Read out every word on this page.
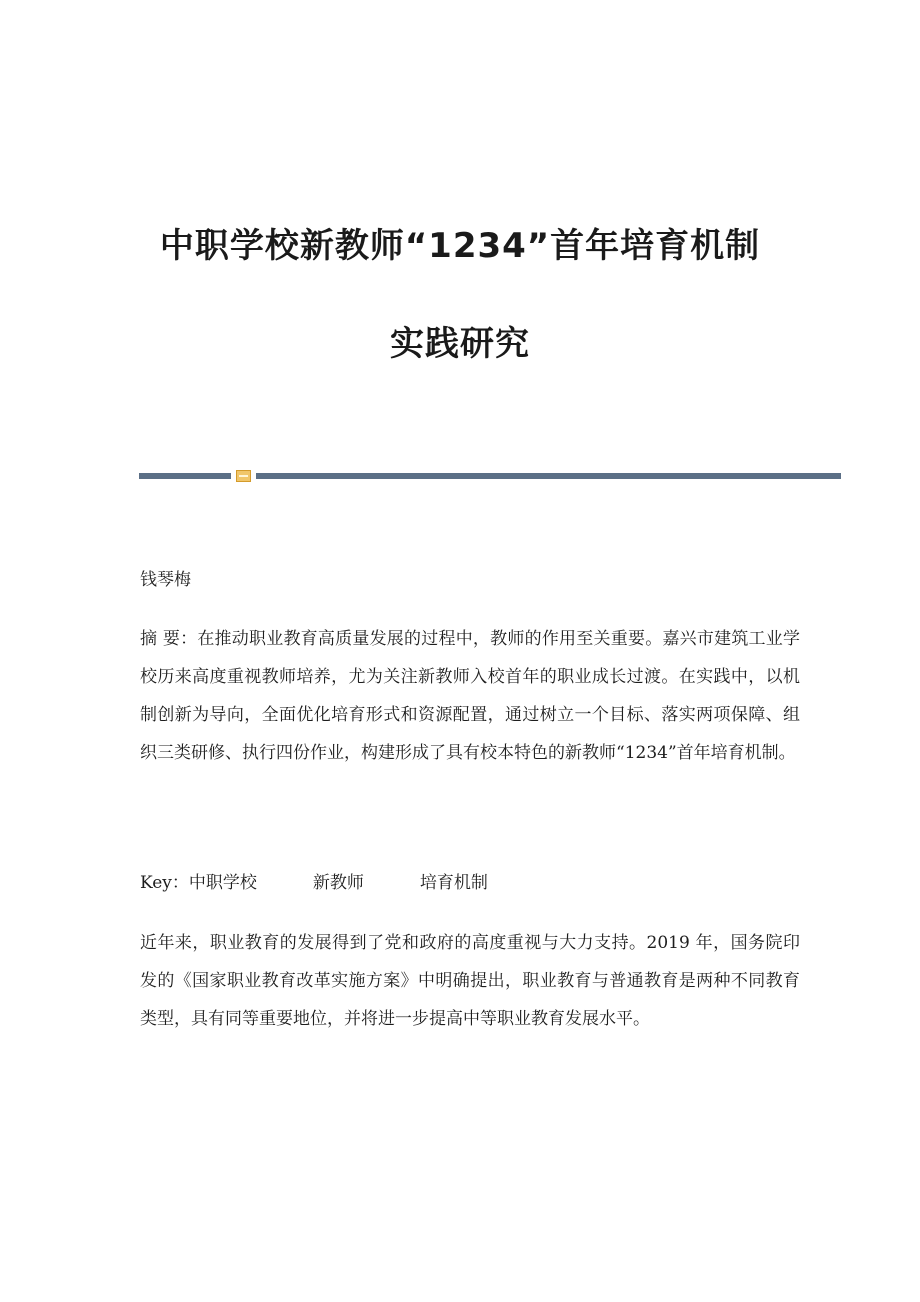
中职学校新教师“1234”首年培育机制
实践研究
钱琴梅
摘 要：在推动职业教育高质量发展的过程中，教师的作用至关重要。嘉兴市建筑工业学校历来高度重视教师培养，尤为关注新教师入校首年的职业成长过渡。在实践中，以机制创新为导向，全面优化培育形式和资源配置，通过树立一个目标、落实两项保障、组织三类研修、执行四份作业，构建形成了具有校本特色的新教师“1234”首年培育机制。
Key：中职学校	新教师	培育机制
近年来，职业教育的发展得到了党和政府的高度重视与大力支持。2019 年，国务院印发的《国家职业教育改革实施方案》中明确提出，职业教育与普通教育是两种不同教育类型，具有同等重要地位，并将进一步提高中等职业教育发展水平。
